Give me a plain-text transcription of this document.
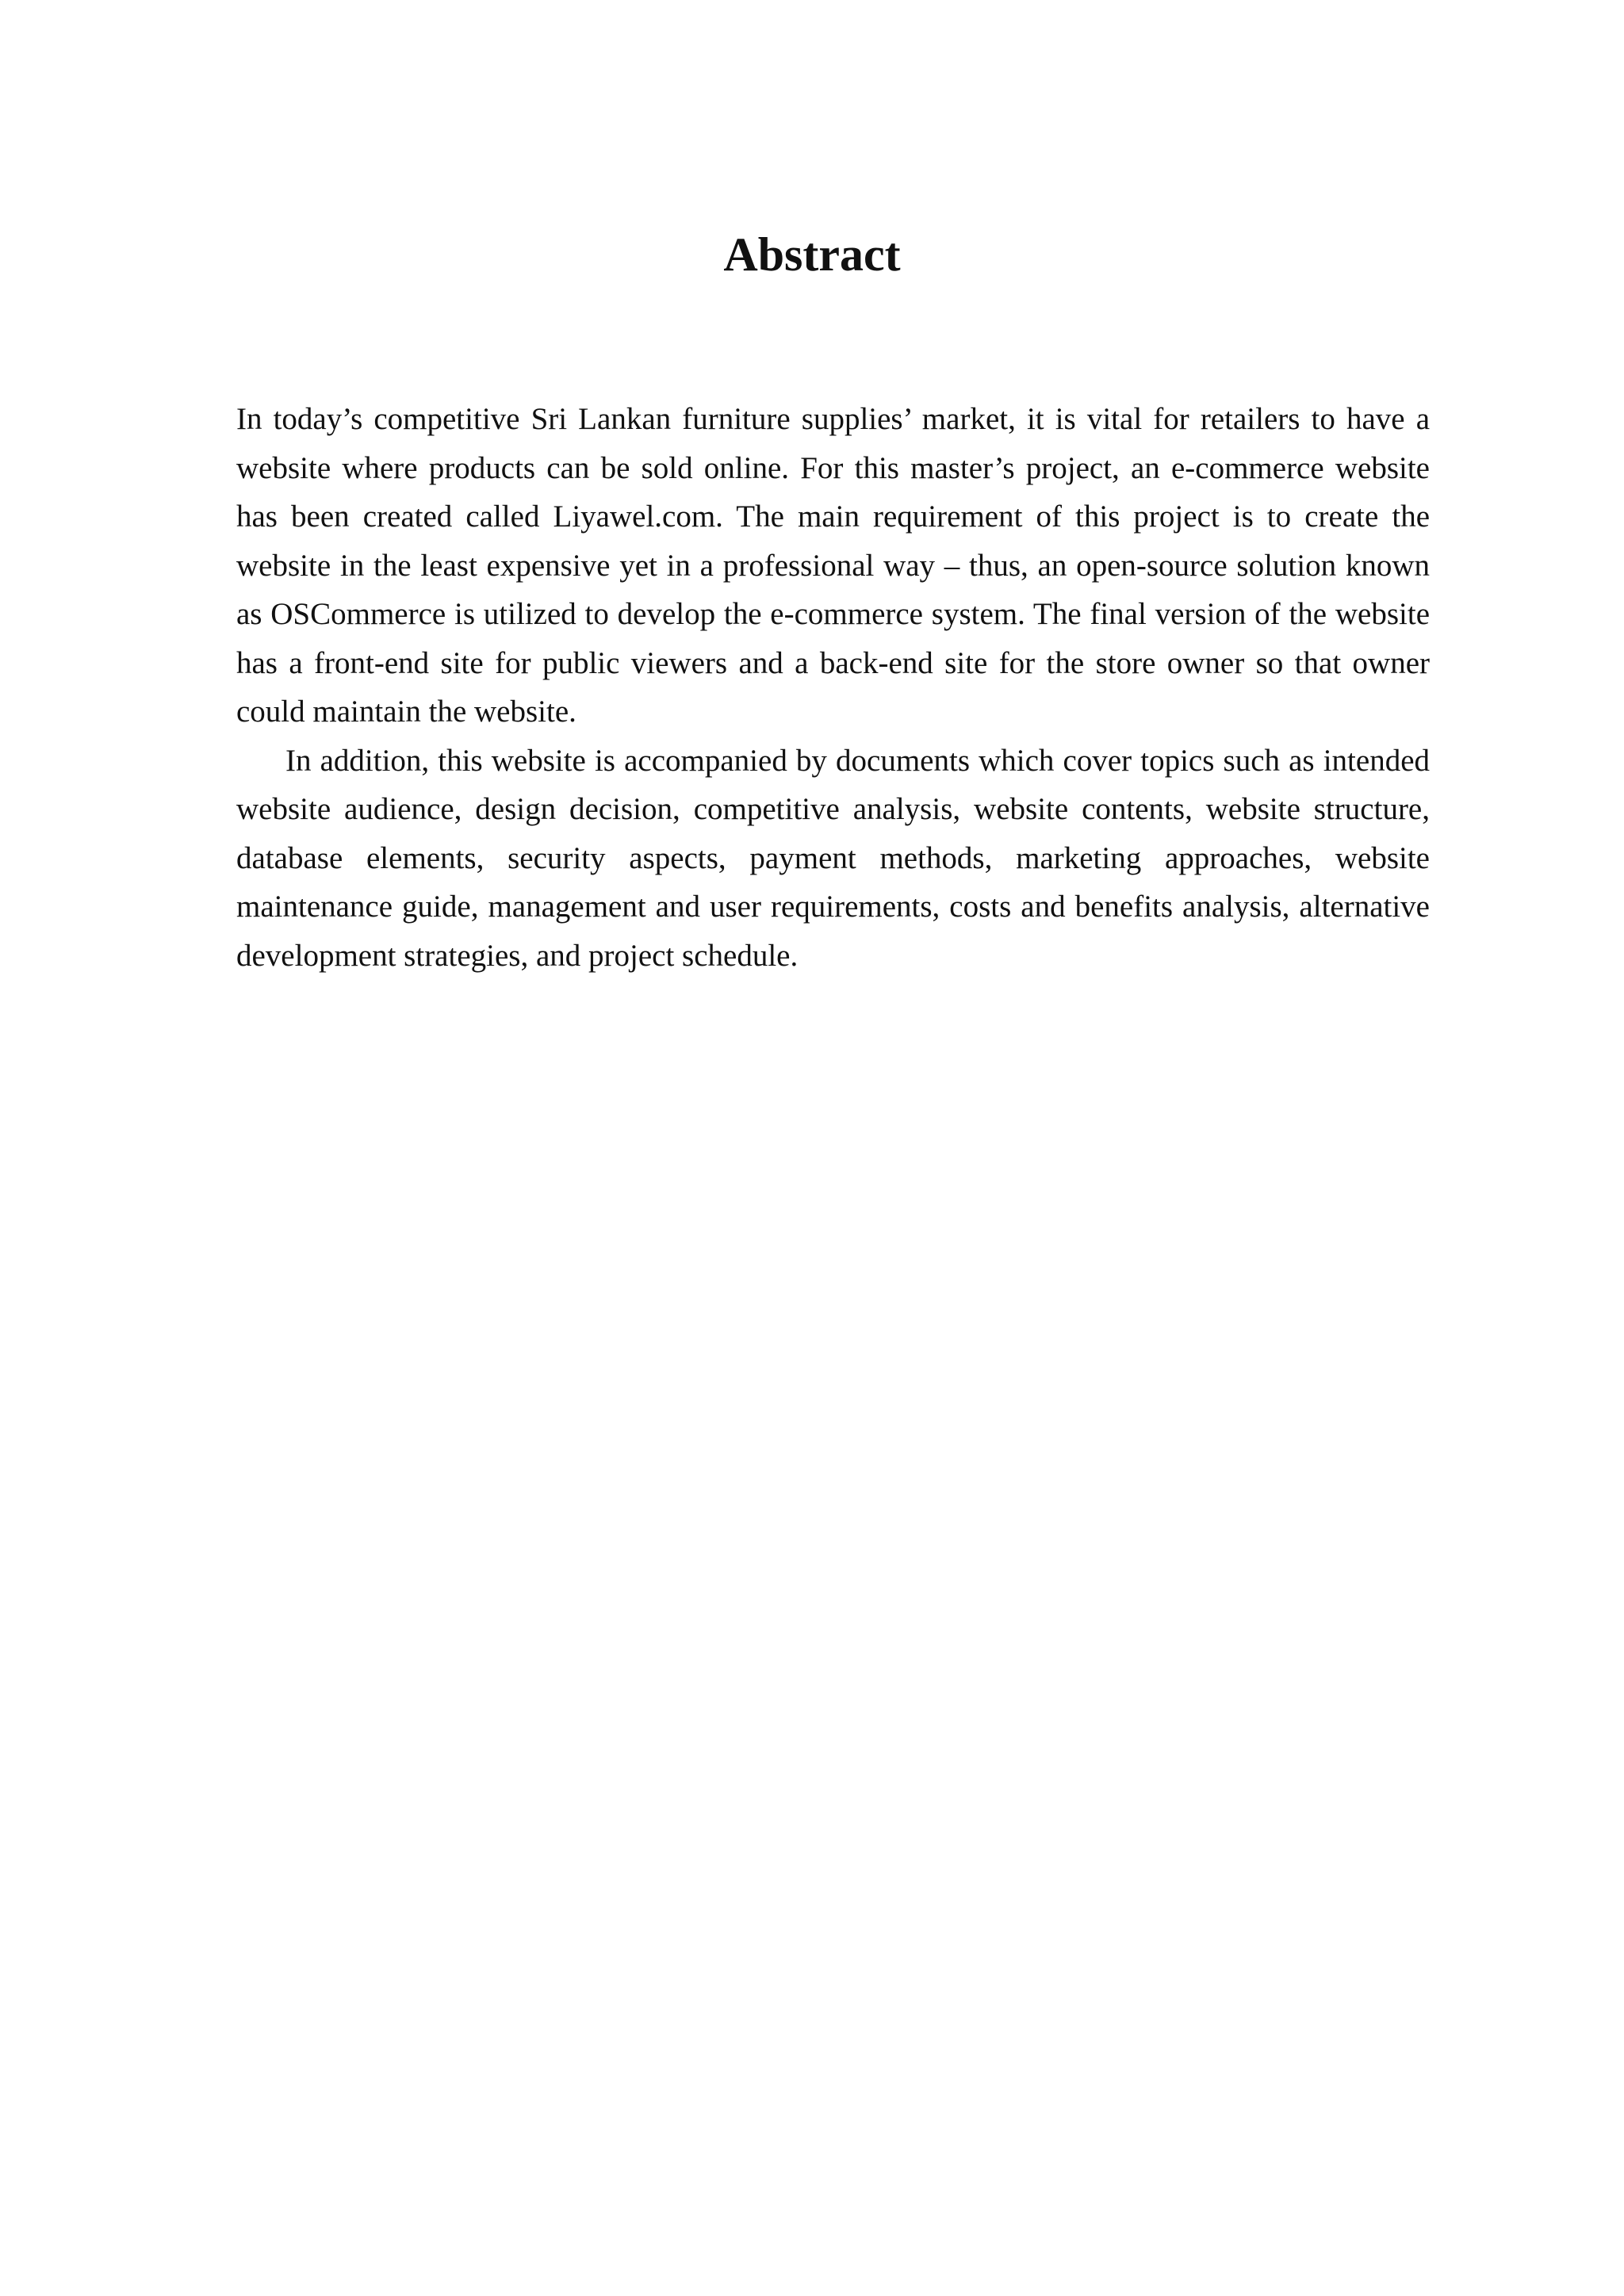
Abstract

In today’s competitive Sri Lankan furniture supplies’ market, it is vital for retailers to have a website where products can be sold online. For this master’s project, an e-commerce website has been created called Liyawel.com. The main requirement of this project is to create the website in the least expensive yet in a professional way – thus, an open-source solution known as OSCommerce is utilized to develop the e-commerce system. The final version of the website has a front-end site for public viewers and a back-end site for the store owner so that owner could maintain the website.

In addition, this website is accompanied by documents which cover topics such as intended website audience, design decision, competitive analysis, website contents, website structure, database elements, security aspects, payment methods, marketing approaches, website maintenance guide, management and user requirements, costs and benefits analysis, alternative development strategies, and project schedule.
